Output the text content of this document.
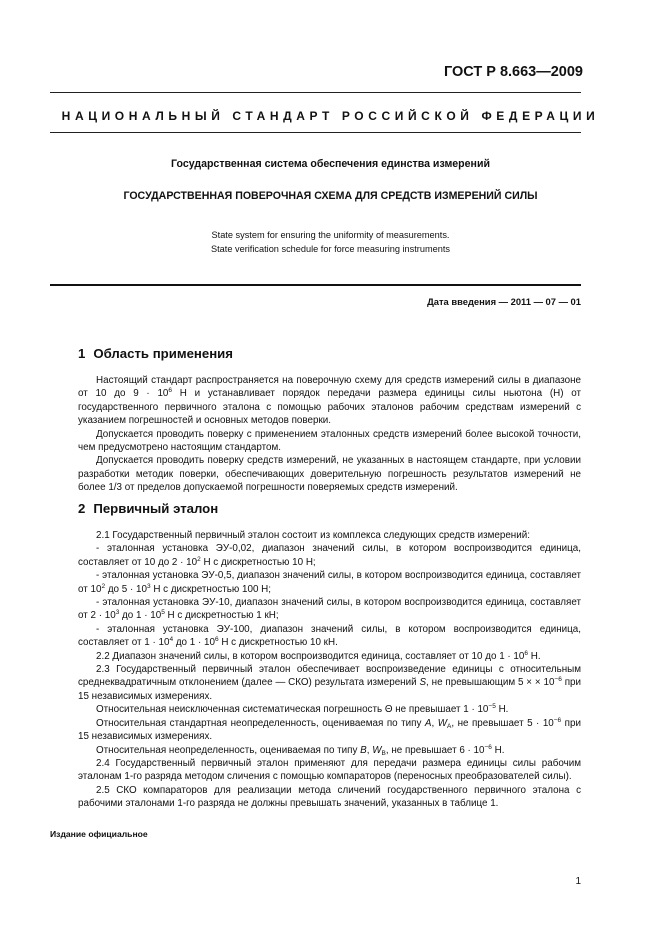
ГОСТ Р 8.663—2009
НАЦИОНАЛЬНЫЙ СТАНДАРТ РОССИЙСКОЙ ФЕДЕРАЦИИ
Государственная система обеспечения единства измерений
ГОСУДАРСТВЕННАЯ ПОВЕРОЧНАЯ СХЕМА ДЛЯ СРЕДСТВ ИЗМЕРЕНИЙ СИЛЫ
State system for ensuring the uniformity of measurements.
State verification schedule for force measuring instruments
Дата введения — 2011 — 07 — 01
1 Область применения
Настоящий стандарт распространяется на поверочную схему для средств измерений силы в диапазоне от 10 до $9 \cdot 10^6$ Н и устанавливает порядок передачи размера единицы силы ньютона (Н) от государственного первичного эталона с помощью рабочих эталонов рабочим средствам измерений с указанием погрешностей и основных методов поверки.
Допускается проводить поверку с применением эталонных средств измерений более высокой точности, чем предусмотрено настоящим стандартом.
Допускается проводить поверку средств измерений, не указанных в настоящем стандарте, при условии разработки методик поверки, обеспечивающих доверительную погрешность результатов измерений не более 1/3 от пределов допускаемой погрешности поверяемых средств измерений.
2 Первичный эталон
2.1 Государственный первичный эталон состоит из комплекса следующих средств измерений:
- эталонная установка ЭУ-0,02, диапазон значений силы, в котором воспроизводится единица, составляет от 10 до $2 \cdot 10^2$ Н с дискретностью 10 Н;
- эталонная установка ЭУ-0,5, диапазон значений силы, в котором воспроизводится единица, составляет от $10^2$ до $5 \cdot 10^3$ Н с дискретностью 100 Н;
- эталонная установка ЭУ-10, диапазон значений силы, в котором воспроизводится единица, составляет от $2 \cdot 10^3$ до $1 \cdot 10^5$ Н с дискретностью 1 кН;
- эталонная установка ЭУ-100, диапазон значений силы, в котором воспроизводится единица, составляет от $1 \cdot 10^4$ до $1 \cdot 10^6$ Н с дискретностью 10 кН.
2.2 Диапазон значений силы, в котором воспроизводится единица, составляет от 10 до $1 \cdot 10^6$ Н.
2.3 Государственный первичный эталон обеспечивает воспроизведение единицы с относительным среднеквадратичным отклонением (далее — СКО) результата измерений S, не превышающим 5 × × $10^{-6}$ при 15 независимых измерениях.
Относительная неисключенная систематическая погрешность Θ не превышает $1 \cdot 10^{-5}$ Н.
Относительная стандартная неопределенность, оцениваемая по типу A, $W_A$, не превышает $5 \cdot 10^{-6}$ при 15 независимых измерениях.
Относительная неопределенность, оцениваемая по типу B, $W_B$, не превышает $6 \cdot 10^{-6}$ Н.
2.4 Государственный первичный эталон применяют для передачи размера единицы силы рабочим эталонам 1-го разряда методом сличения с помощью компараторов (переносных преобразователей силы).
2.5 СКО компараторов для реализации метода сличений государственного первичного эталона с рабочими эталонами 1-го разряда не должны превышать значений, указанных в таблице 1.
Издание официальное
1
